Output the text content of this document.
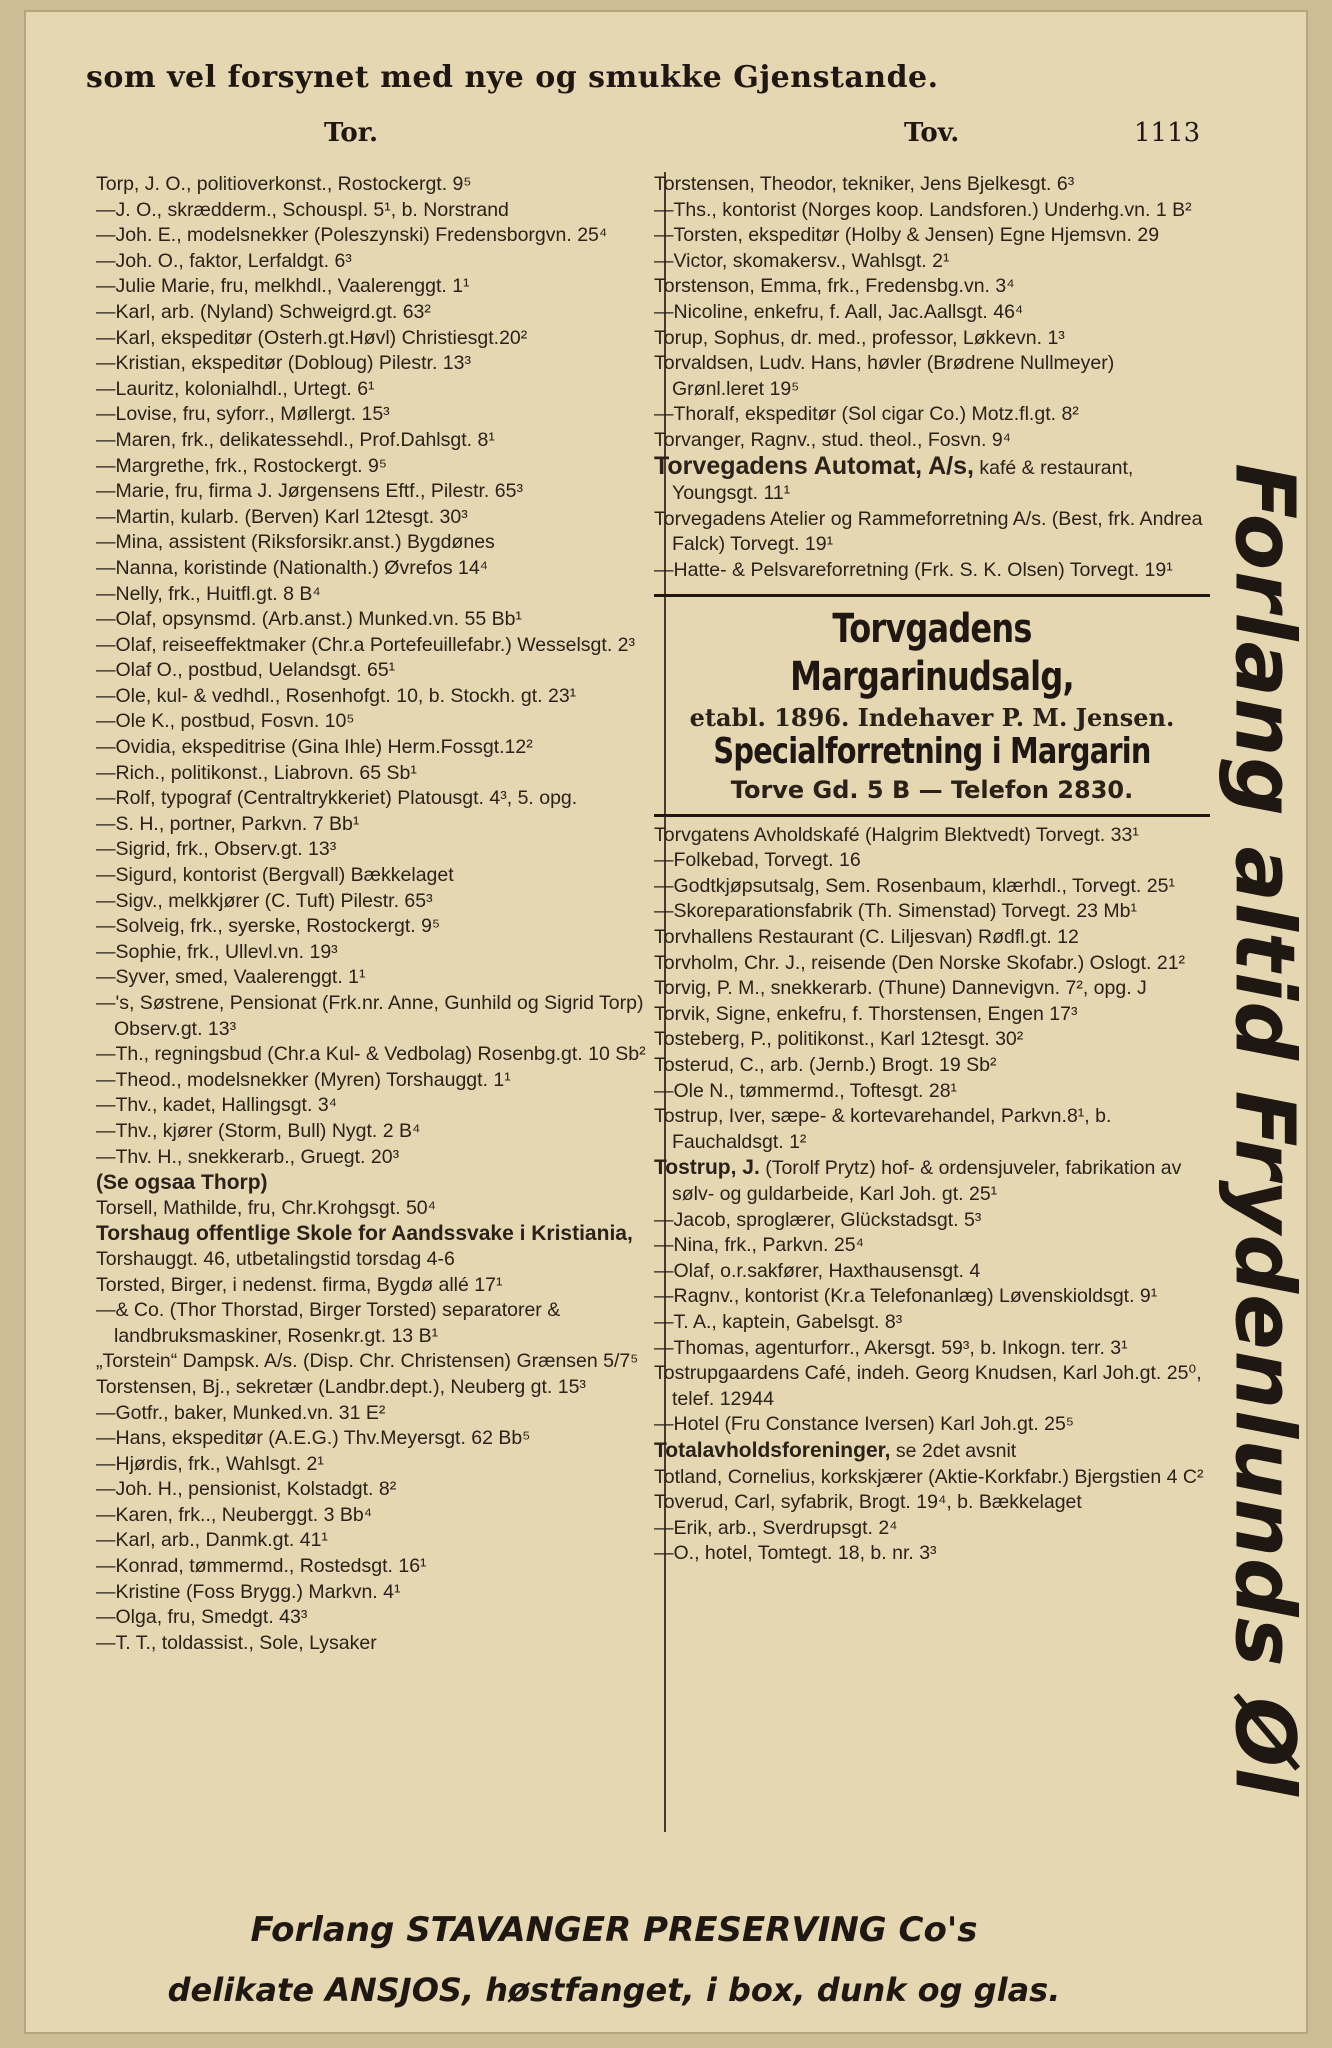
som vel forsynet med nye og smukke Gjenstande.
Tor.	Tov.	1113

Torp, J. O., politioverkonst., Rostockergt. 9⁵

—J. O., skrædderm., Schouspl. 5¹, b. Norstrand

—Joh. E., modelsnekker (Poleszynski) Fredensborgvn. 25⁴

—Joh. O., faktor, Lerfaldgt. 6³

—Julie Marie, fru, melkhdl., Vaalerenggt. 1¹

—Karl, arb. (Nyland) Schweigrd.gt. 63²

—Karl, ekspeditør (Osterh.gt.Høvl) Christiesgt.20²

—Kristian, ekspeditør (Dobloug) Pilestr. 13³

—Lauritz, kolonialhdl., Urtegt. 6¹

—Lovise, fru, syforr., Møllergt. 15³

—Maren, frk., delikatessehdl., Prof.Dahlsgt. 8¹

—Margrethe, frk., Rostockergt. 9⁵

—Marie, fru, firma J. Jørgensens Eftf., Pilestr. 65³

—Martin, kularb. (Berven) Karl 12tesgt. 30³

—Mina, assistent (Riksforsikr.anst.) Bygdønes

—Nanna, koristinde (Nationalth.) Øvrefos 14⁴

—Nelly, frk., Huitfl.gt. 8 B⁴

—Olaf, opsynsmd. (Arb.anst.) Munked.vn. 55 Bb¹

—Olaf, reiseeffektmaker (Chr.a Portefeuillefabr.) Wesselsgt. 2³

—Olaf O., postbud, Uelandsgt. 65¹

—Ole, kul- & vedhdl., Rosenhofgt. 10, b. Stockh. gt. 23¹

—Ole K., postbud, Fosvn. 10⁵

—Ovidia, ekspeditrise (Gina Ihle) Herm.Fossgt.12²

—Rich., politikonst., Liabrovn. 65 Sb¹

—Rolf, typograf (Centraltrykkeriet) Platousgt. 4³, 5. opg.

—S. H., portner, Parkvn. 7 Bb¹

—Sigrid, frk., Observ.gt. 13³

—Sigurd, kontorist (Bergvall) Bækkelaget

—Sigv., melkkjører (C. Tuft) Pilestr. 65³

—Solveig, frk., syerske, Rostockergt. 9⁵

—Sophie, frk., Ullevl.vn. 19³

—Syver, smed, Vaalerenggt. 1¹

—'s, Søstrene, Pensionat (Frk.nr. Anne, Gunhild og Sigrid Torp) Observ.gt. 13³

—Th., regningsbud (Chr.a Kul- & Vedbolag) Rosenbg.gt. 10 Sb²

—Theod., modelsnekker (Myren) Torshauggt. 1¹

—Thv., kadet, Hallingsgt. 3⁴

—Thv., kjører (Storm, Bull) Nygt. 2 B⁴

—Thv. H., snekkerarb., Gruegt. 20³

(Se ogsaa Thorp)

Torsell, Mathilde, fru, Chr.Krohgsgt. 50⁴

Torshaug offentlige Skole for Aandssvake i Kristiania,

Torshauggt. 46, utbetalingstid torsdag 4-6

Torsted, Birger, i nedenst. firma, Bygdø allé 17¹

—& Co. (Thor Thorstad, Birger Torsted) separatorer & landbruksmaskiner, Rosenkr.gt. 13 B¹

„Torstein“ Dampsk. A/s. (Disp. Chr. Christensen) Grænsen 5/7⁵

Torstensen, Bj., sekretær (Landbr.dept.), Neuberg gt. 15³

—Gotfr., baker, Munked.vn. 31 E²

—Hans, ekspeditør (A.E.G.) Thv.Meyersgt. 62 Bb⁵

—Hjørdis, frk., Wahlsgt. 2¹

—Joh. H., pensionist, Kolstadgt. 8²

—Karen, frk.., Neuberggt. 3 Bb⁴

—Karl, arb., Danmk.gt. 41¹

—Konrad, tømmermd., Rostedsgt. 16¹

—Kristine (Foss Brygg.) Markvn. 4¹

—Olga, fru, Smedgt. 43³

—T. T., toldassist., Sole, Lysaker

Torstensen, Theodor, tekniker, Jens Bjelkesgt. 6³

—Ths., kontorist (Norges koop. Landsforen.) Underhg.vn. 1 B²

—Torsten, ekspeditør (Holby & Jensen) Egne Hjemsvn. 29

—Victor, skomakersv., Wahlsgt. 2¹

Torstenson, Emma, frk., Fredensbg.vn. 3⁴

—Nicoline, enkefru, f. Aall, Jac.Aallsgt. 46⁴

Torup, Sophus, dr. med., professor, Løkkevn. 1³

Torvaldsen, Ludv. Hans, høvler (Brødrene Nullmeyer) Grønl.leret 19⁵

—Thoralf, ekspeditør (Sol cigar Co.) Motz.fl.gt. 8²

Torvanger, Ragnv., stud. theol., Fosvn. 9⁴

Torvegadens Automat, A/s, kafé & restaurant, Youngsgt. 11¹

Torvegadens Atelier og Rammeforretning A/s. (Best, frk. Andrea Falck) Torvegt. 19¹

—Hatte- & Pelsvareforretning (Frk. S. K. Olsen) Torvegt. 19¹

Torvgadens Margarinudsalg,
etabl. 1896. Indehaver P. M. Jensen.
Specialforretning i Margarin
Torve Gd. 5 B — Telefon 2830.

Torvgatens Avholdskafé (Halgrim Blektvedt) Torvegt. 33¹

—Folkebad, Torvegt. 16

—Godtkjøpsutsalg, Sem. Rosenbaum, klærhdl., Torvegt. 25¹

—Skoreparationsfabrik (Th. Simenstad) Torvegt. 23 Mb¹

Torvhallens Restaurant (C. Liljesvan) Rødfl.gt. 12

Torvholm, Chr. J., reisende (Den Norske Skofabr.) Oslogt. 21²

Torvig, P. M., snekkerarb. (Thune) Dannevigvn. 7², opg. J

Torvik, Signe, enkefru, f. Thorstensen, Engen 17³

Tosteberg, P., politikonst., Karl 12tesgt. 30²

Tosterud, C., arb. (Jernb.) Brogt. 19 Sb²

—Ole N., tømmermd., Toftesgt. 28¹

Tostrup, Iver, sæpe- & kortevarehandel, Parkvn.8¹, b. Fauchaldsgt. 1²

Tostrup, J. (Torolf Prytz) hof- & ordensjuveler, fabrikation av sølv- og guldarbeide, Karl Joh. gt. 25¹

—Jacob, sproglærer, Glückstadsgt. 5³

—Nina, frk., Parkvn. 25⁴

—Olaf, o.r.sakfører, Haxthausensgt. 4

—Ragnv., kontorist (Kr.a Telefonanlæg) Løvenskioldsgt. 9¹

—T. A., kaptein, Gabelsgt. 8³

—Thomas, agenturforr., Akersgt. 59³, b. Inkogn. terr. 3¹

Tostrupgaardens Café, indeh. Georg Knudsen, Karl Joh.gt. 25⁰, telef. 12944

—Hotel (Fru Constance Iversen) Karl Joh.gt. 25⁵

Totalavholdsforeninger, se 2det avsnit

Totland, Cornelius, korkskjærer (Aktie-Korkfabr.) Bjergstien 4 C²

Toverud, Carl, syfabrik, Brogt. 19⁴, b. Bækkelaget

—Erik, arb., Sverdrupsgt. 2⁴

—O., hotel, Tomtegt. 18, b. nr. 3³	Forlang altid Frydenlunds Øl
Forlang STAVANGER PRESERVING Co's
delikate ANSJOS, høstfanget, i box, dunk og glas.
